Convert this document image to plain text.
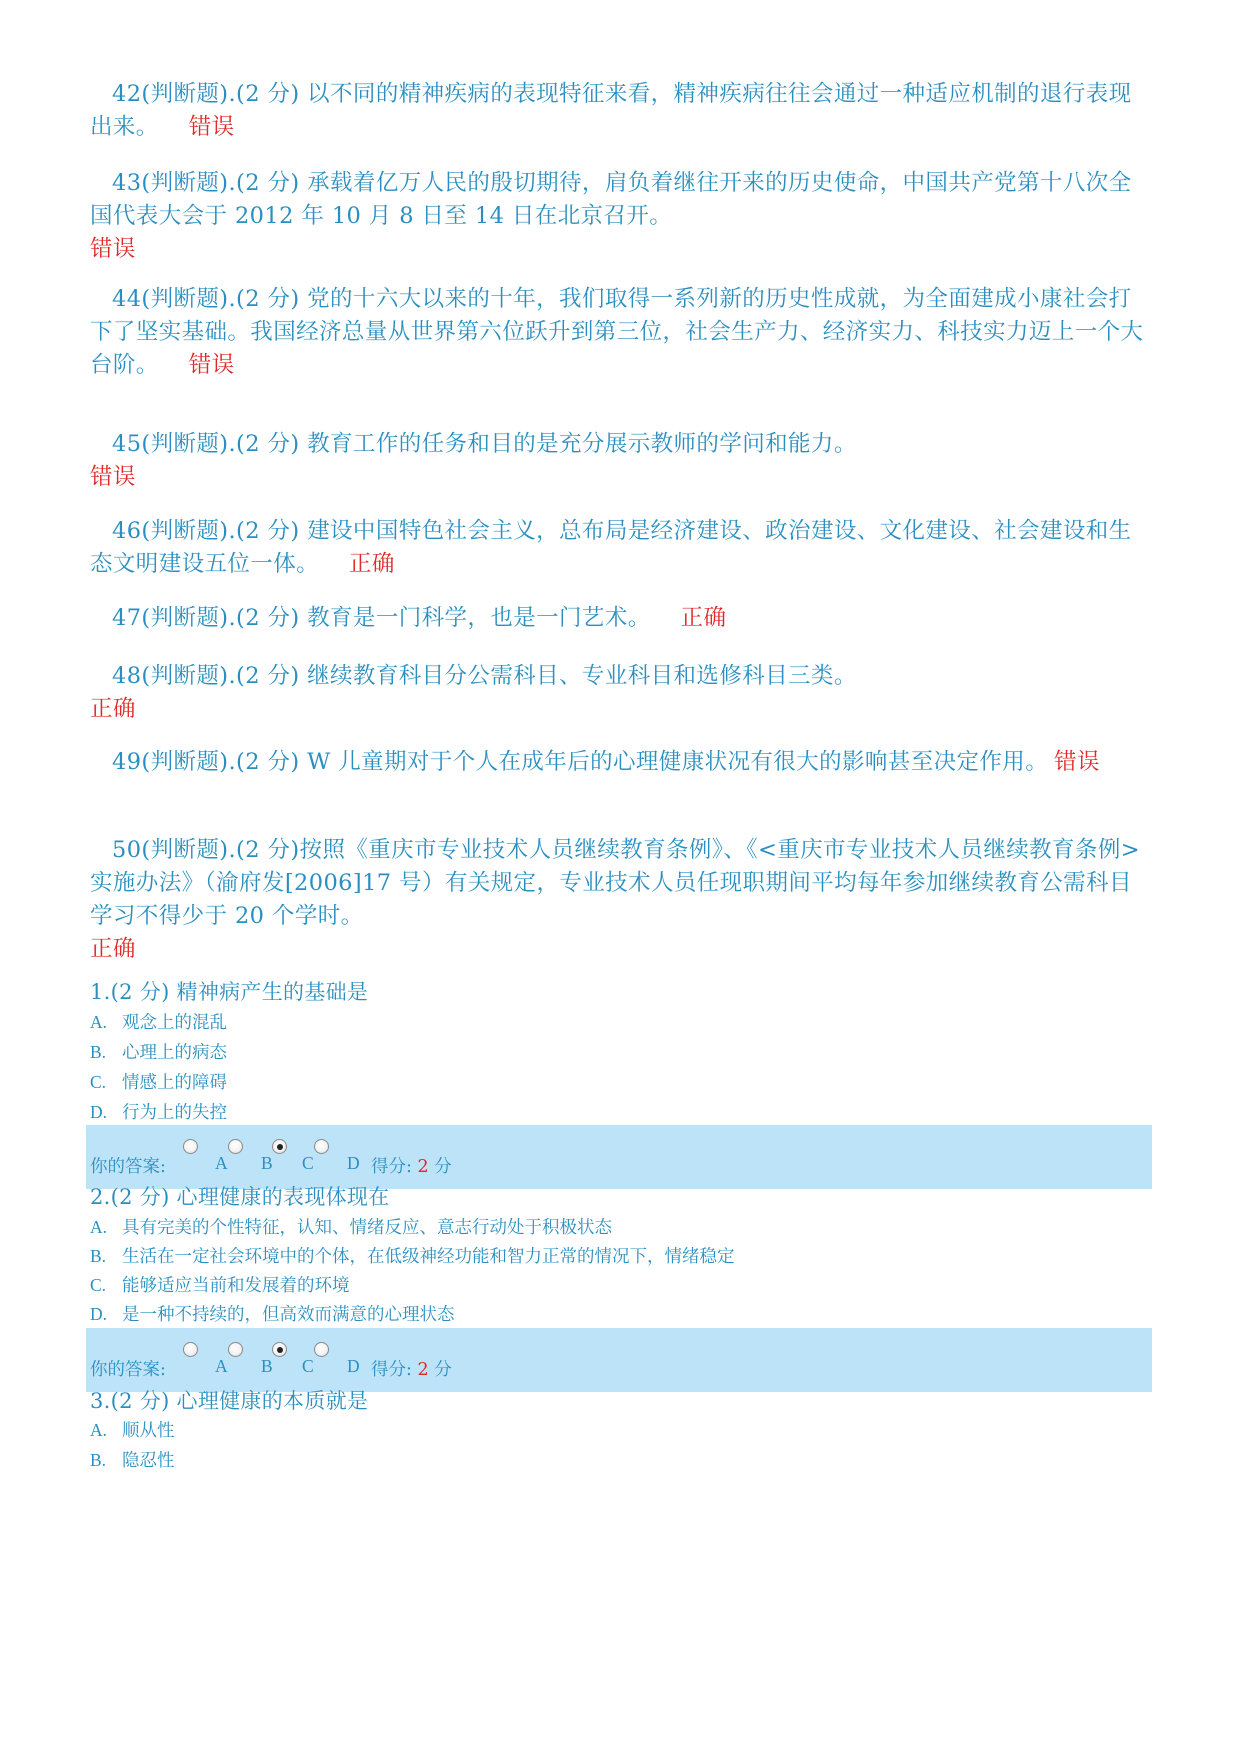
42(判断题).(2 分) 以不同的精神疾病的表现特征来看，精神疾病往往会通过一种适应机制的退行表现出来。 错误
43(判断题).(2 分) 承载着亿万人民的殷切期待，肩负着继往开来的历史使命，中国共产党第十八次全国代表大会于 2012 年 10 月 8 日至 14 日在北京召开。
错误
44(判断题).(2 分) 党的十六大以来的十年，我们取得一系列新的历史性成就，为全面建成小康社会打下了坚实基础。我国经济总量从世界第六位跃升到第三位，社会生产力、经济实力、科技实力迈上一个大台阶。 错误
45(判断题).(2 分) 教育工作的任务和目的是充分展示教师的学问和能力。
错误
46(判断题).(2 分) 建设中国特色社会主义，总布局是经济建设、政治建设、文化建设、社会建设和生态文明建设五位一体。 正确
47(判断题).(2 分) 教育是一门科学，也是一门艺术。 正确
48(判断题).(2 分) 继续教育科目分公需科目、专业科目和选修科目三类。
正确
49(判断题).(2 分) W 儿童期对于个人在成年后的心理健康状况有很大的影响甚至决定作用。 错误
50(判断题).(2 分)按照《重庆市专业技术人员继续教育条例》、《<重庆市专业技术人员继续教育条例>实施办法》（渝府发[2006]17 号）有关规定，专业技术人员任现职期间平均每年参加继续教育公需科目学习不得少于 20 个学时。
正确
1.(2 分) 精神病产生的基础是
A. 观念上的混乱
B. 心理上的病态
C. 情感上的障碍
D. 行为上的失控
你的答案:	A B C D 得分: 2 分
2.(2 分) 心理健康的表现体现在
A. 具有完美的个性特征，认知、情绪反应、意志行动处于积极状态
B. 生活在一定社会环境中的个体，在低级神经功能和智力正常的情况下，情绪稳定
C. 能够适应当前和发展着的环境
D. 是一种不持续的，但高效而满意的心理状态
你的答案:	A B C D 得分: 2 分
3.(2 分) 心理健康的本质就是
A. 顺从性
B. 隐忍性
